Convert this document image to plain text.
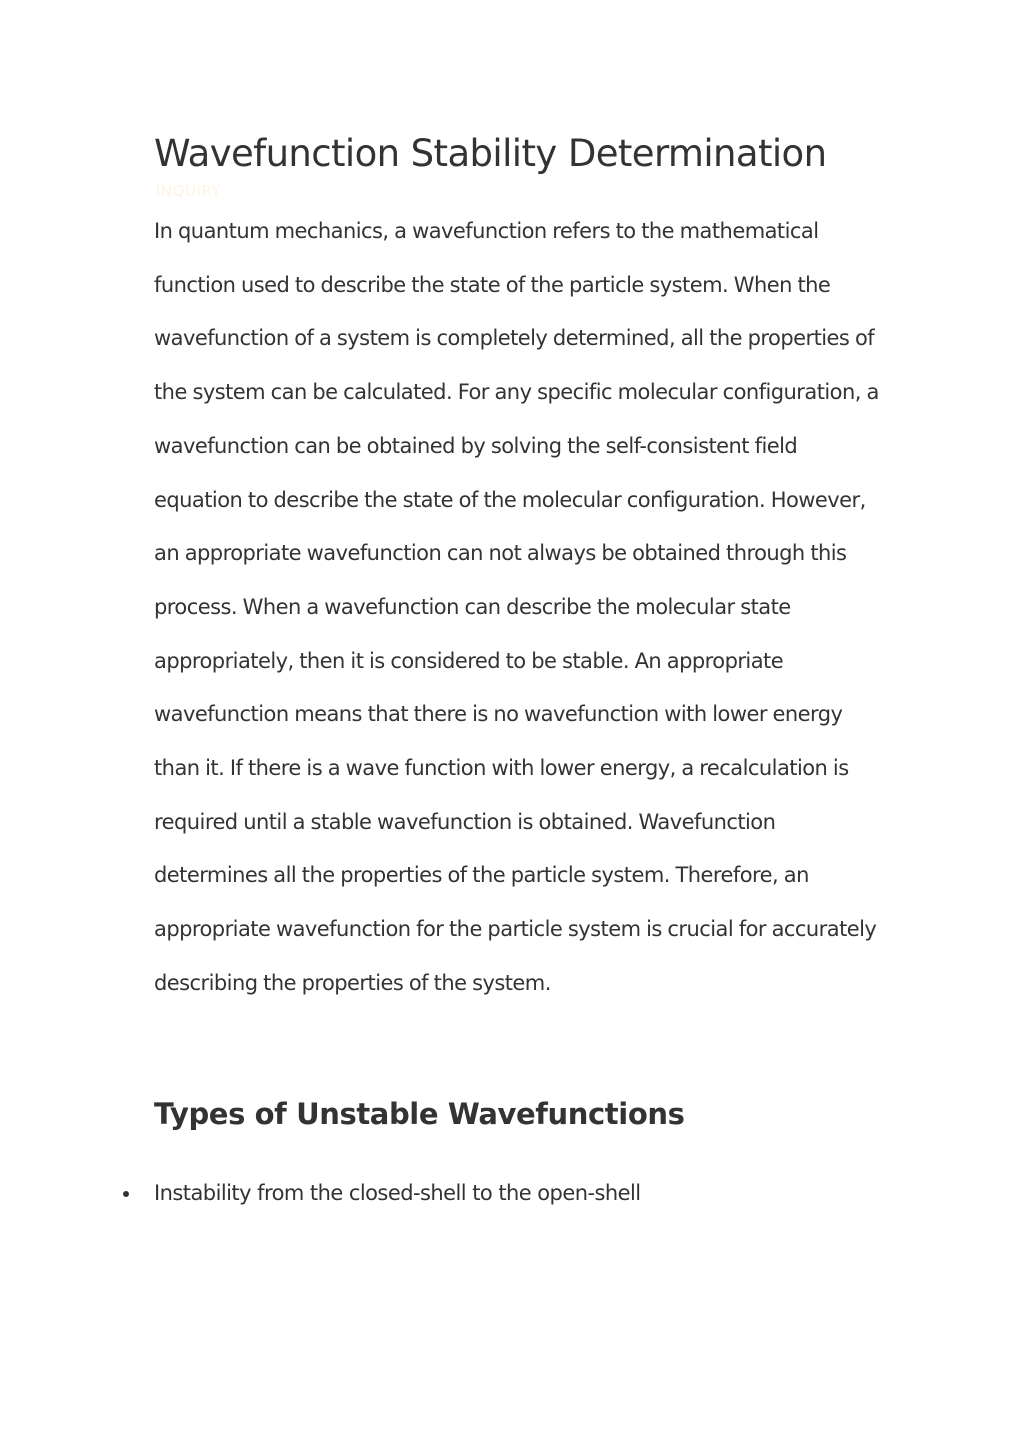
Wavefunction Stability Determination
INQUIRY

In quantum mechanics, a wavefunction refers to the mathematical function used to describe the state of the particle system. When the wavefunction of a system is completely determined, all the properties of the system can be calculated. For any specific molecular configuration, a wavefunction can be obtained by solving the self-consistent field equation to describe the state of the molecular configuration. However, an appropriate wavefunction can not always be obtained through this process. When a wavefunction can describe the molecular state appropriately, then it is considered to be stable. An appropriate wavefunction means that there is no wavefunction with lower energy than it. If there is a wave function with lower energy, a recalculation is required until a stable wavefunction is obtained. Wavefunction determines all the properties of the particle system. Therefore, an appropriate wavefunction for the particle system is crucial for accurately describing the properties of the system.

Types of Unstable Wavefunctions
Instability from the closed-shell to the open-shell
